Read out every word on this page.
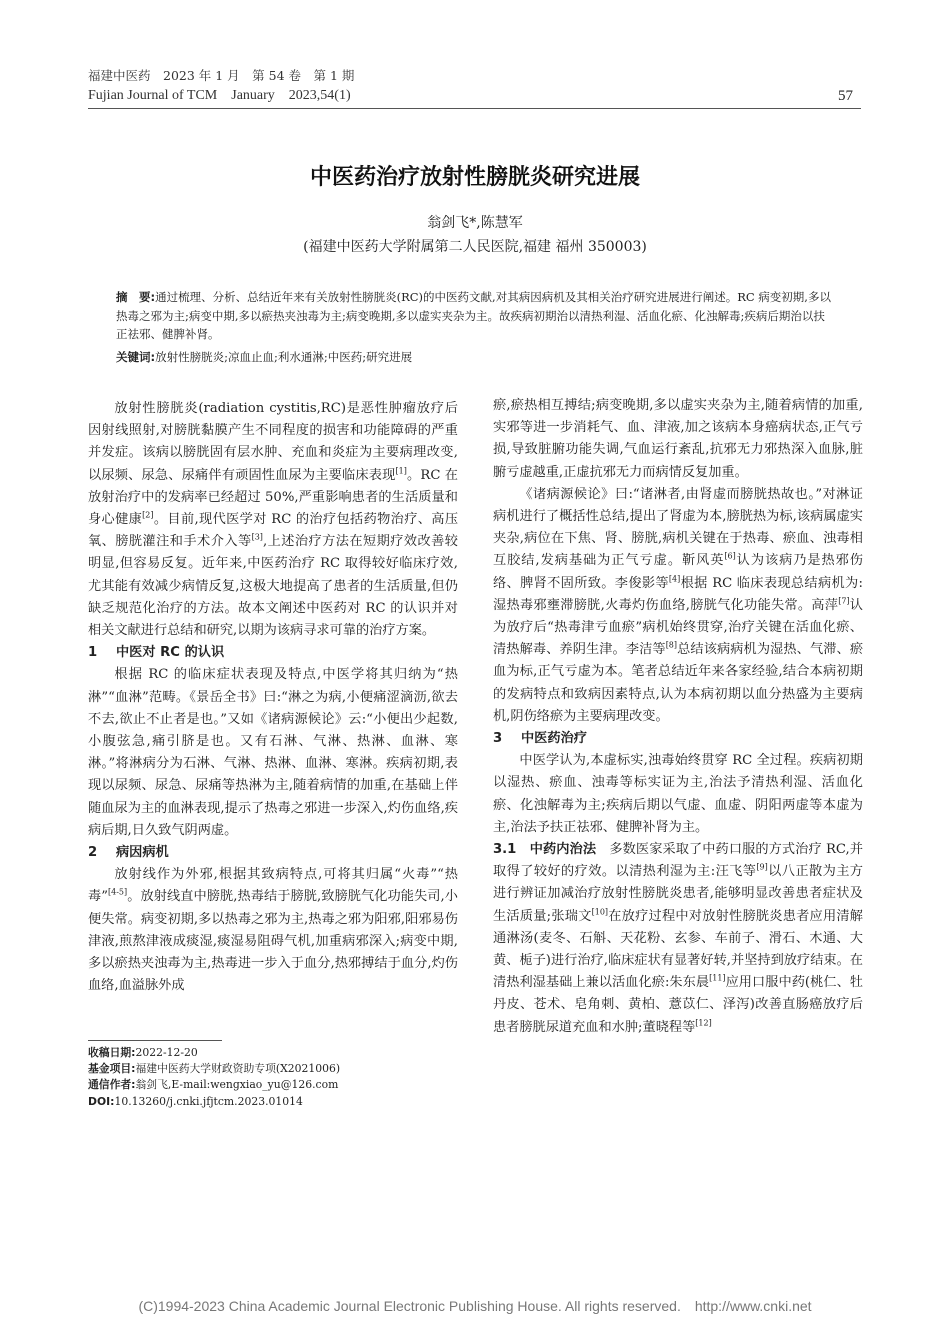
福建中医药　2023 年 1 月　第 54 卷　第 1 期
Fujian Journal of TCM　January　2023,54(1)	57
中医药治疗放射性膀胱炎研究进展
翁剑飞*,陈慧军
(福建中医药大学附属第二人民医院,福建 福州 350003)
摘　要:通过梳理、分析、总结近年来有关放射性膀胱炎(RC)的中医药文献,对其病因病机及其相关治疗研究进展进行阐述。RC 病变初期,多以热毒之邪为主;病变中期,多以瘀热夹浊毒为主;病变晚期,多以虚实夹杂为主。故疾病初期治以清热利湿、活血化瘀、化浊解毒;疾病后期治以扶正祛邪、健脾补肾。
关键词:放射性膀胱炎;凉血止血;利水通淋;中医药;研究进展

放射性膀胱炎(radiation cystitis,RC)是恶性肿瘤放疗后因射线照射,对膀胱黏膜产生不同程度的损害和功能障碍的严重并发症。该病以膀胱固有层水肿、充血和炎症为主要病理改变,以尿频、尿急、尿痛伴有顽固性血尿为主要临床表现[1]。RC 在放射治疗中的发病率已经超过 50%,严重影响患者的生活质量和身心健康[2]。目前,现代医学对 RC 的治疗包括药物治疗、高压氧、膀胱灌注和手术介入等[3],上述治疗方法在短期疗效改善较明显,但容易反复。近年来,中医药治疗 RC 取得较好临床疗效,尤其能有效减少病情反复,这极大地提高了患者的生活质量,但仍缺乏规范化治疗的方法。故本文阐述中医药对 RC 的认识并对相关文献进行总结和研究,以期为该病寻求可靠的治疗方案。

1 中医对 RC 的认识

根据 RC 的临床症状表现及特点,中医学将其归纳为“热淋”“血淋”范畴。《景岳全书》曰:“淋之为病,小便痛涩滴沥,欲去不去,欲止不止者是也。”又如《诸病源候论》云:“小便出少起数,小腹弦急,痛引脐是也。又有石淋、气淋、热淋、血淋、寒淋。”将淋病分为石淋、气淋、热淋、血淋、寒淋。疾病初期,表现以尿频、尿急、尿痛等热淋为主,随着病情的加重,在基础上伴随血尿为主的血淋表现,提示了热毒之邪进一步深入,灼伤血络,疾病后期,日久致气阴两虚。

2 病因病机

放射线作为外邪,根据其致病特点,可将其归属“火毒”“热毒”[4-5]。放射线直中膀胱,热毒结于膀胱,致膀胱气化功能失司,小便失常。病变初期,多以热毒之邪为主,热毒之邪为阳邪,阳邪易伤津液,煎熬津液成痰湿,痰湿易阻碍气机,加重病邪深入;病变中期,多以瘀热夹浊毒为主,热毒进一步入于血分,热邪搏结于血分,灼伤血络,血溢脉外成

瘀,瘀热相互搏结;病变晚期,多以虚实夹杂为主,随着病情的加重,实邪等进一步消耗气、血、津液,加之该病本身癌病状态,正气亏损,导致脏腑功能失调,气血运行紊乱,抗邪无力邪热深入血脉,脏腑亏虚越重,正虚抗邪无力而病情反复加重。

《诸病源候论》曰:“诸淋者,由肾虚而膀胱热故也。”对淋证病机进行了概括性总结,提出了肾虚为本,膀胱热为标,该病属虚实夹杂,病位在下焦、肾、膀胱,病机关键在于热毒、瘀血、浊毒相互胶结,发病基础为正气亏虚。靳风英[6]认为该病乃是热邪伤络、脾肾不固所致。李俊影等[4]根据 RC 临床表现总结病机为:湿热毒邪壅滞膀胱,火毒灼伤血络,膀胱气化功能失常。高萍[7]认为放疗后“热毒津亏血瘀”病机始终贯穿,治疗关键在活血化瘀、清热解毒、养阴生津。李洁等[8]总结该病病机为湿热、气滞、瘀血为标,正气亏虚为本。笔者总结近年来各家经验,结合本病初期的发病特点和致病因素特点,认为本病初期以血分热盛为主要病机,阴伤络瘀为主要病理改变。

3 中医药治疗

中医学认为,本虚标实,浊毒始终贯穿 RC 全过程。疾病初期以湿热、瘀血、浊毒等标实证为主,治法予清热利湿、活血化瘀、化浊解毒为主;疾病后期以气虚、血虚、阴阳两虚等本虚为主,治法予扶正祛邪、健脾补肾为主。

3.1　 中药内治法　 多数医家采取了中药口服的方式治疗 RC,并取得了较好的疗效。以清热利湿为主:汪飞等[9]以八正散为主方进行辨证加减治疗放射性膀胱炎患者,能够明显改善患者症状及生活质量;张瑞文[10]在放疗过程中对放射性膀胱炎患者应用清解通淋汤(麦冬、石斛、天花粉、玄参、车前子、滑石、木通、大黄、栀子)进行治疗,临床症状有显著好转,并坚持到放疗结束。在清热利湿基础上兼以活血化瘀:朱东晨[11]应用口服中药(桃仁、牡丹皮、苍术、皂角刺、黄柏、薏苡仁、泽泻)改善直肠癌放疗后患者膀胱尿道充血和水肿;董晓程等[12]

收稿日期:2022-12-20
基金项目:福建中医药大学财政资助专项(X2021006)
通信作者:翁剑飞,E-mail:wengxiao_yu@126.com
DOI:10.13260/j.cnki.jfjtcm.2023.01014
(C)1994-2023 China Academic Journal Electronic Publishing House. All rights reserved.　http://www.cnki.net
